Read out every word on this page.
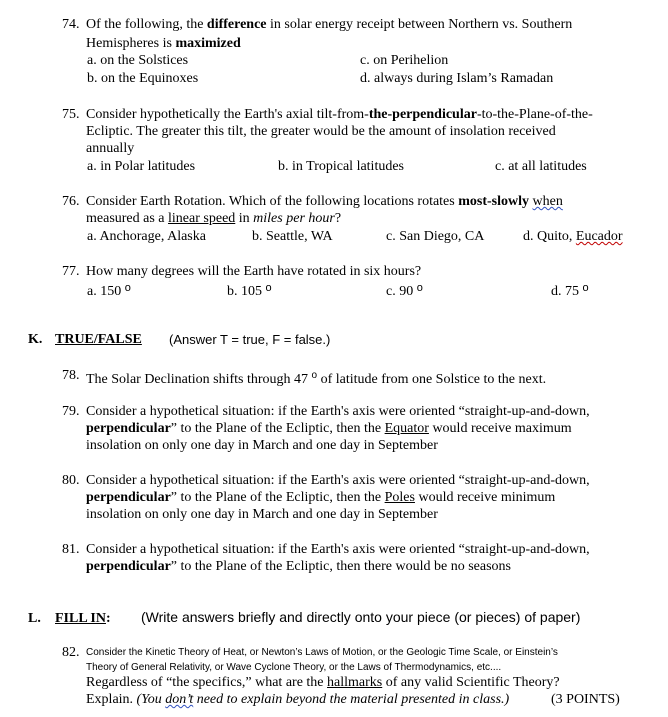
74. Of the following, the difference in solar energy receipt between Northern vs. Southern
Hemispheres is maximized
a. on the Solstices	c. on Perihelion
b. on the Equinoxes	d. always during Islam’s Ramadan
75. Consider hypothetically the Earth's axial tilt-from-the-perpendicular-to-the-Plane-of-the-
Ecliptic. The greater this tilt, the greater would be the amount of insolation received
annually
a. in Polar latitudes	b. in Tropical latitudes	c. at all latitudes
76. Consider Earth Rotation. Which of the following locations rotates most-slowly when
measured as a linear speed in miles per hour?
a. Anchorage, Alaska	b. Seattle, WA	c. San Diego, CA	d. Quito, Eucador
77. How many degrees will the Earth have rotated in six hours?
a. 150 $^o$	b. 105 $^o$	c. 90 $^o$	d. 75 $^o$
K. TRUE/FALSE (Answer T = true, F = false.)
78. The Solar Declination shifts through 47 $^o$ of latitude from one Solstice to the next.
79. Consider a hypothetical situation: if the Earth's axis were oriented “straight-up-and-down,
perpendicular” to the Plane of the Ecliptic, then the Equator would receive maximum
insolation on only one day in March and one day in September
80. Consider a hypothetical situation: if the Earth's axis were oriented “straight-up-and-down,
perpendicular” to the Plane of the Ecliptic, then the Poles would receive minimum
insolation on only one day in March and one day in September
81. Consider a hypothetical situation: if the Earth's axis were oriented “straight-up-and-down,
perpendicular” to the Plane of the Ecliptic, then there would be no seasons
L. FILL IN: (Write answers briefly and directly onto your piece (or pieces) of paper)
82. Consider the Kinetic Theory of Heat, or Newton’s Laws of Motion, or the Geologic Time Scale, or Einstein’s
Theory of General Relativity, or Wave Cyclone Theory, or the Laws of Thermodynamics, etc....
Regardless of “the specifics,” what are the hallmarks of any valid Scientific Theory?
Explain. (You don’t need to explain beyond the material presented in class.)	(3 POINTS)
